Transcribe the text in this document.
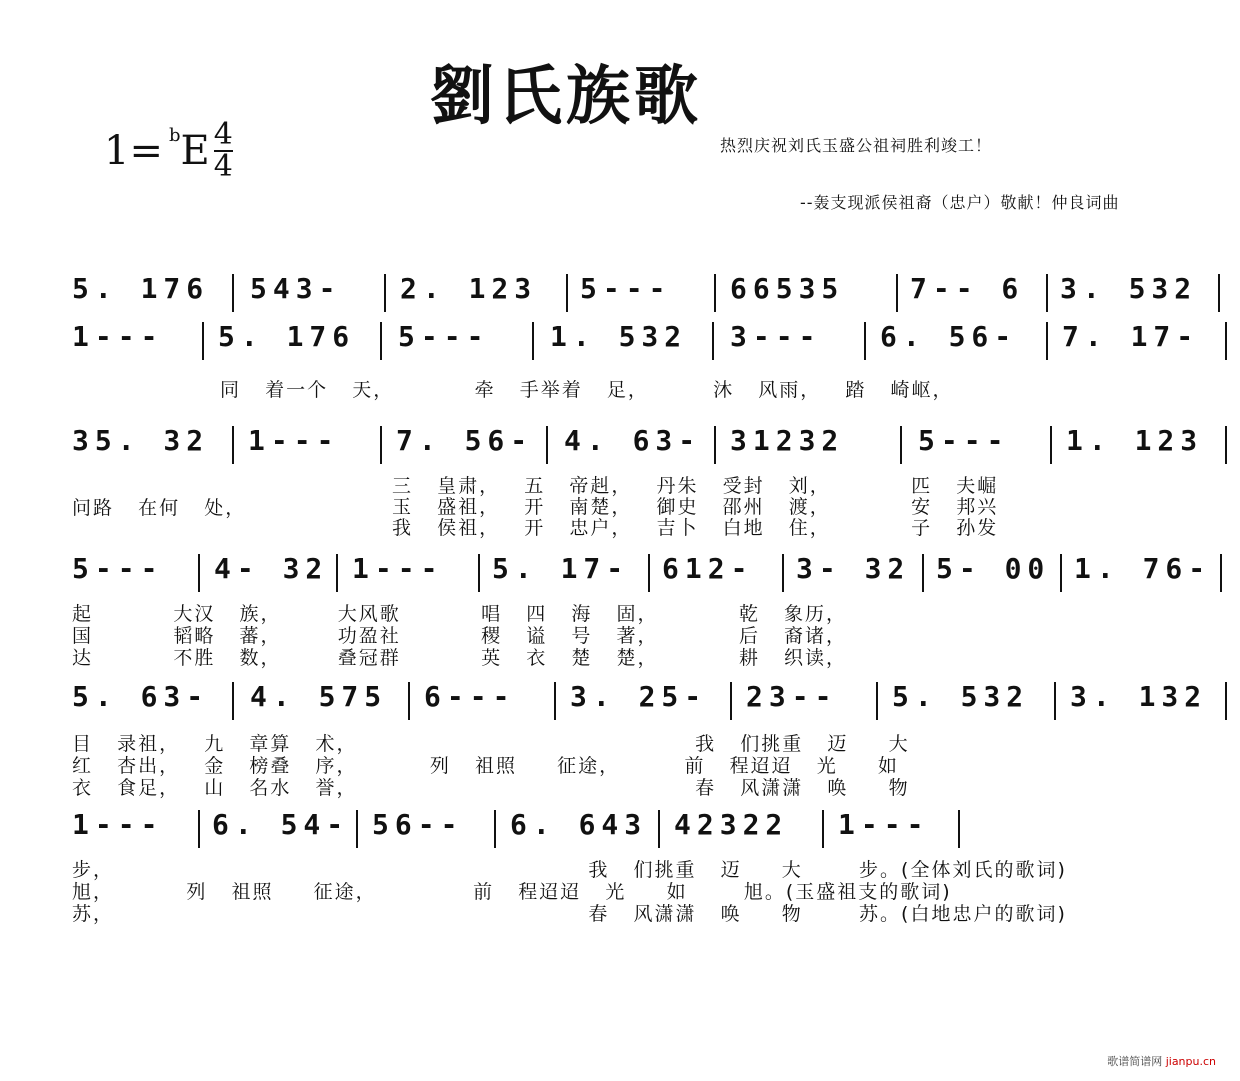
劉氏族歌
1= b E $\frac{4}{4}$	热烈庆祝刘氏玉盛公祖祠胜利竣工！
--轰支现派侯祖裔（忠户）敬献！仲良词曲
5. 176 543- 2. 123 5--- 66535 7-- 6 3. 532
1--- 5. 176 5--- 1. 532 3--- 6. 56- 7. 17-
同   着一个   天，          牵   手举着   足，        沐   风雨，   踏   崎岖，
35. 32 1--- 7. 56- 4. 63- 31232	5--- 1. 123
问路   在何   处，
三   皇肃，   五   帝赳，   丹朱   受封   刘，          匹   夫崛
玉   盛祖，   开   南楚，   御史   邵州   渡，          安   邦兴
我   侯祖，   开   忠户，   吉卜   白地   住，          子   孙发
5--- 4- 32 1--- 5. 17- 612- 3- 32 5- 00 1. 76-
起          大汉   族，       大风歌          唱   四   海   固，          乾   象历，
国          韬略   蕃，       功盈社          稷   谥   号   著，          后   裔诸，
达          不胜   数，       叠冠群          英   衣   楚   楚，          耕   织读，
5. 63- 4. 575 6--- 3. 25- 23-- 5. 532 3. 132
目   录祖，   九   章算   术，                                          我   们挑重   迈     大
红   杏出，   金   榜叠   序，         列   祖照     征途，        前   程迢迢   光     如
衣   食足，   山   名水   誉，                                          春   风潇潇   唤     物
1--- 6. 54- 56-- 6. 643 42322 1---
步，                                                           我   们挑重   迈     大       步。(全体刘氏的歌词)
旭，         列   祖照     征途，            前   程迢迢   光     如       旭。(玉盛祖支的歌词)
苏，                                                           春   风潇潇   唤     物       苏。(白地忠户的歌词)
歌谱简谱网 jianpu.cn
